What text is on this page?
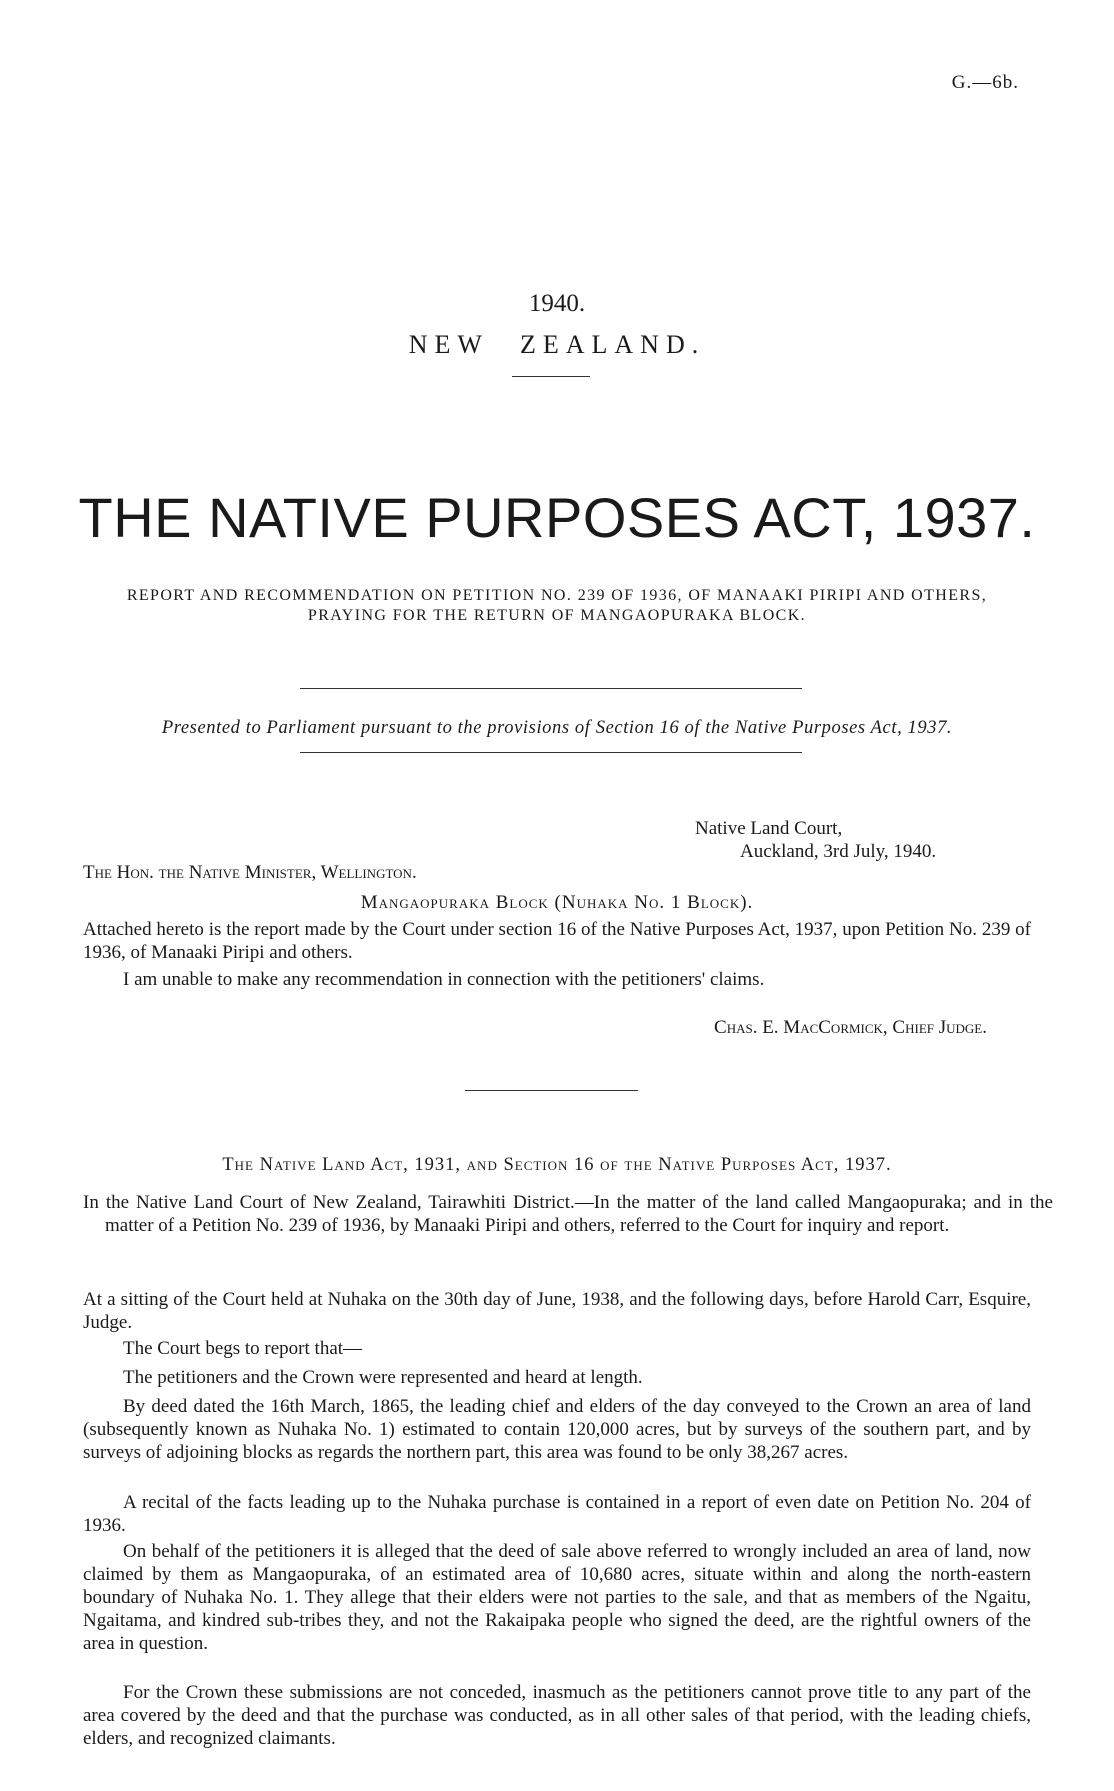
G.—6b.
1940.
NEW ZEALAND.
THE NATIVE PURPOSES ACT, 1937.
REPORT AND RECOMMENDATION ON PETITION NO. 239 OF 1936, OF MANAAKI PIRIPI AND OTHERS, PRAYING FOR THE RETURN OF MANGAOPURAKA BLOCK.
Presented to Parliament pursuant to the provisions of Section 16 of the Native Purposes Act, 1937.
Native Land Court,
Auckland, 3rd July, 1940.
The Hon. the Native Minister, Wellington.
Mangaopuraka Block (Nuhaka No. 1 Block).
Attached hereto is the report made by the Court under section 16 of the Native Purposes Act, 1937, upon Petition No. 239 of 1936, of Manaaki Piripi and others.
I am unable to make any recommendation in connection with the petitioners' claims.
Chas. E. MacCormick, Chief Judge.
The Native Land Act, 1931, and Section 16 of the Native Purposes Act, 1937.
In the Native Land Court of New Zealand, Tairawhiti District.—In the matter of the land called Mangaopuraka; and in the matter of a Petition No. 239 of 1936, by Manaaki Piripi and others, referred to the Court for inquiry and report.
At a sitting of the Court held at Nuhaka on the 30th day of June, 1938, and the following days, before Harold Carr, Esquire, Judge.
The Court begs to report that—
The petitioners and the Crown were represented and heard at length.
By deed dated the 16th March, 1865, the leading chief and elders of the day conveyed to the Crown an area of land (subsequently known as Nuhaka No. 1) estimated to contain 120,000 acres, but by surveys of the southern part, and by surveys of adjoining blocks as regards the northern part, this area was found to be only 38,267 acres.
A recital of the facts leading up to the Nuhaka purchase is contained in a report of even date on Petition No. 204 of 1936.
On behalf of the petitioners it is alleged that the deed of sale above referred to wrongly included an area of land, now claimed by them as Mangaopuraka, of an estimated area of 10,680 acres, situate within and along the north-eastern boundary of Nuhaka No. 1. They allege that their elders were not parties to the sale, and that as members of the Ngaitu, Ngaitama, and kindred sub-tribes they, and not the Rakaipaka people who signed the deed, are the rightful owners of the area in question.
For the Crown these submissions are not conceded, inasmuch as the petitioners cannot prove title to any part of the area covered by the deed and that the purchase was conducted, as in all other sales of that period, with the leading chiefs, elders, and recognized claimants.
